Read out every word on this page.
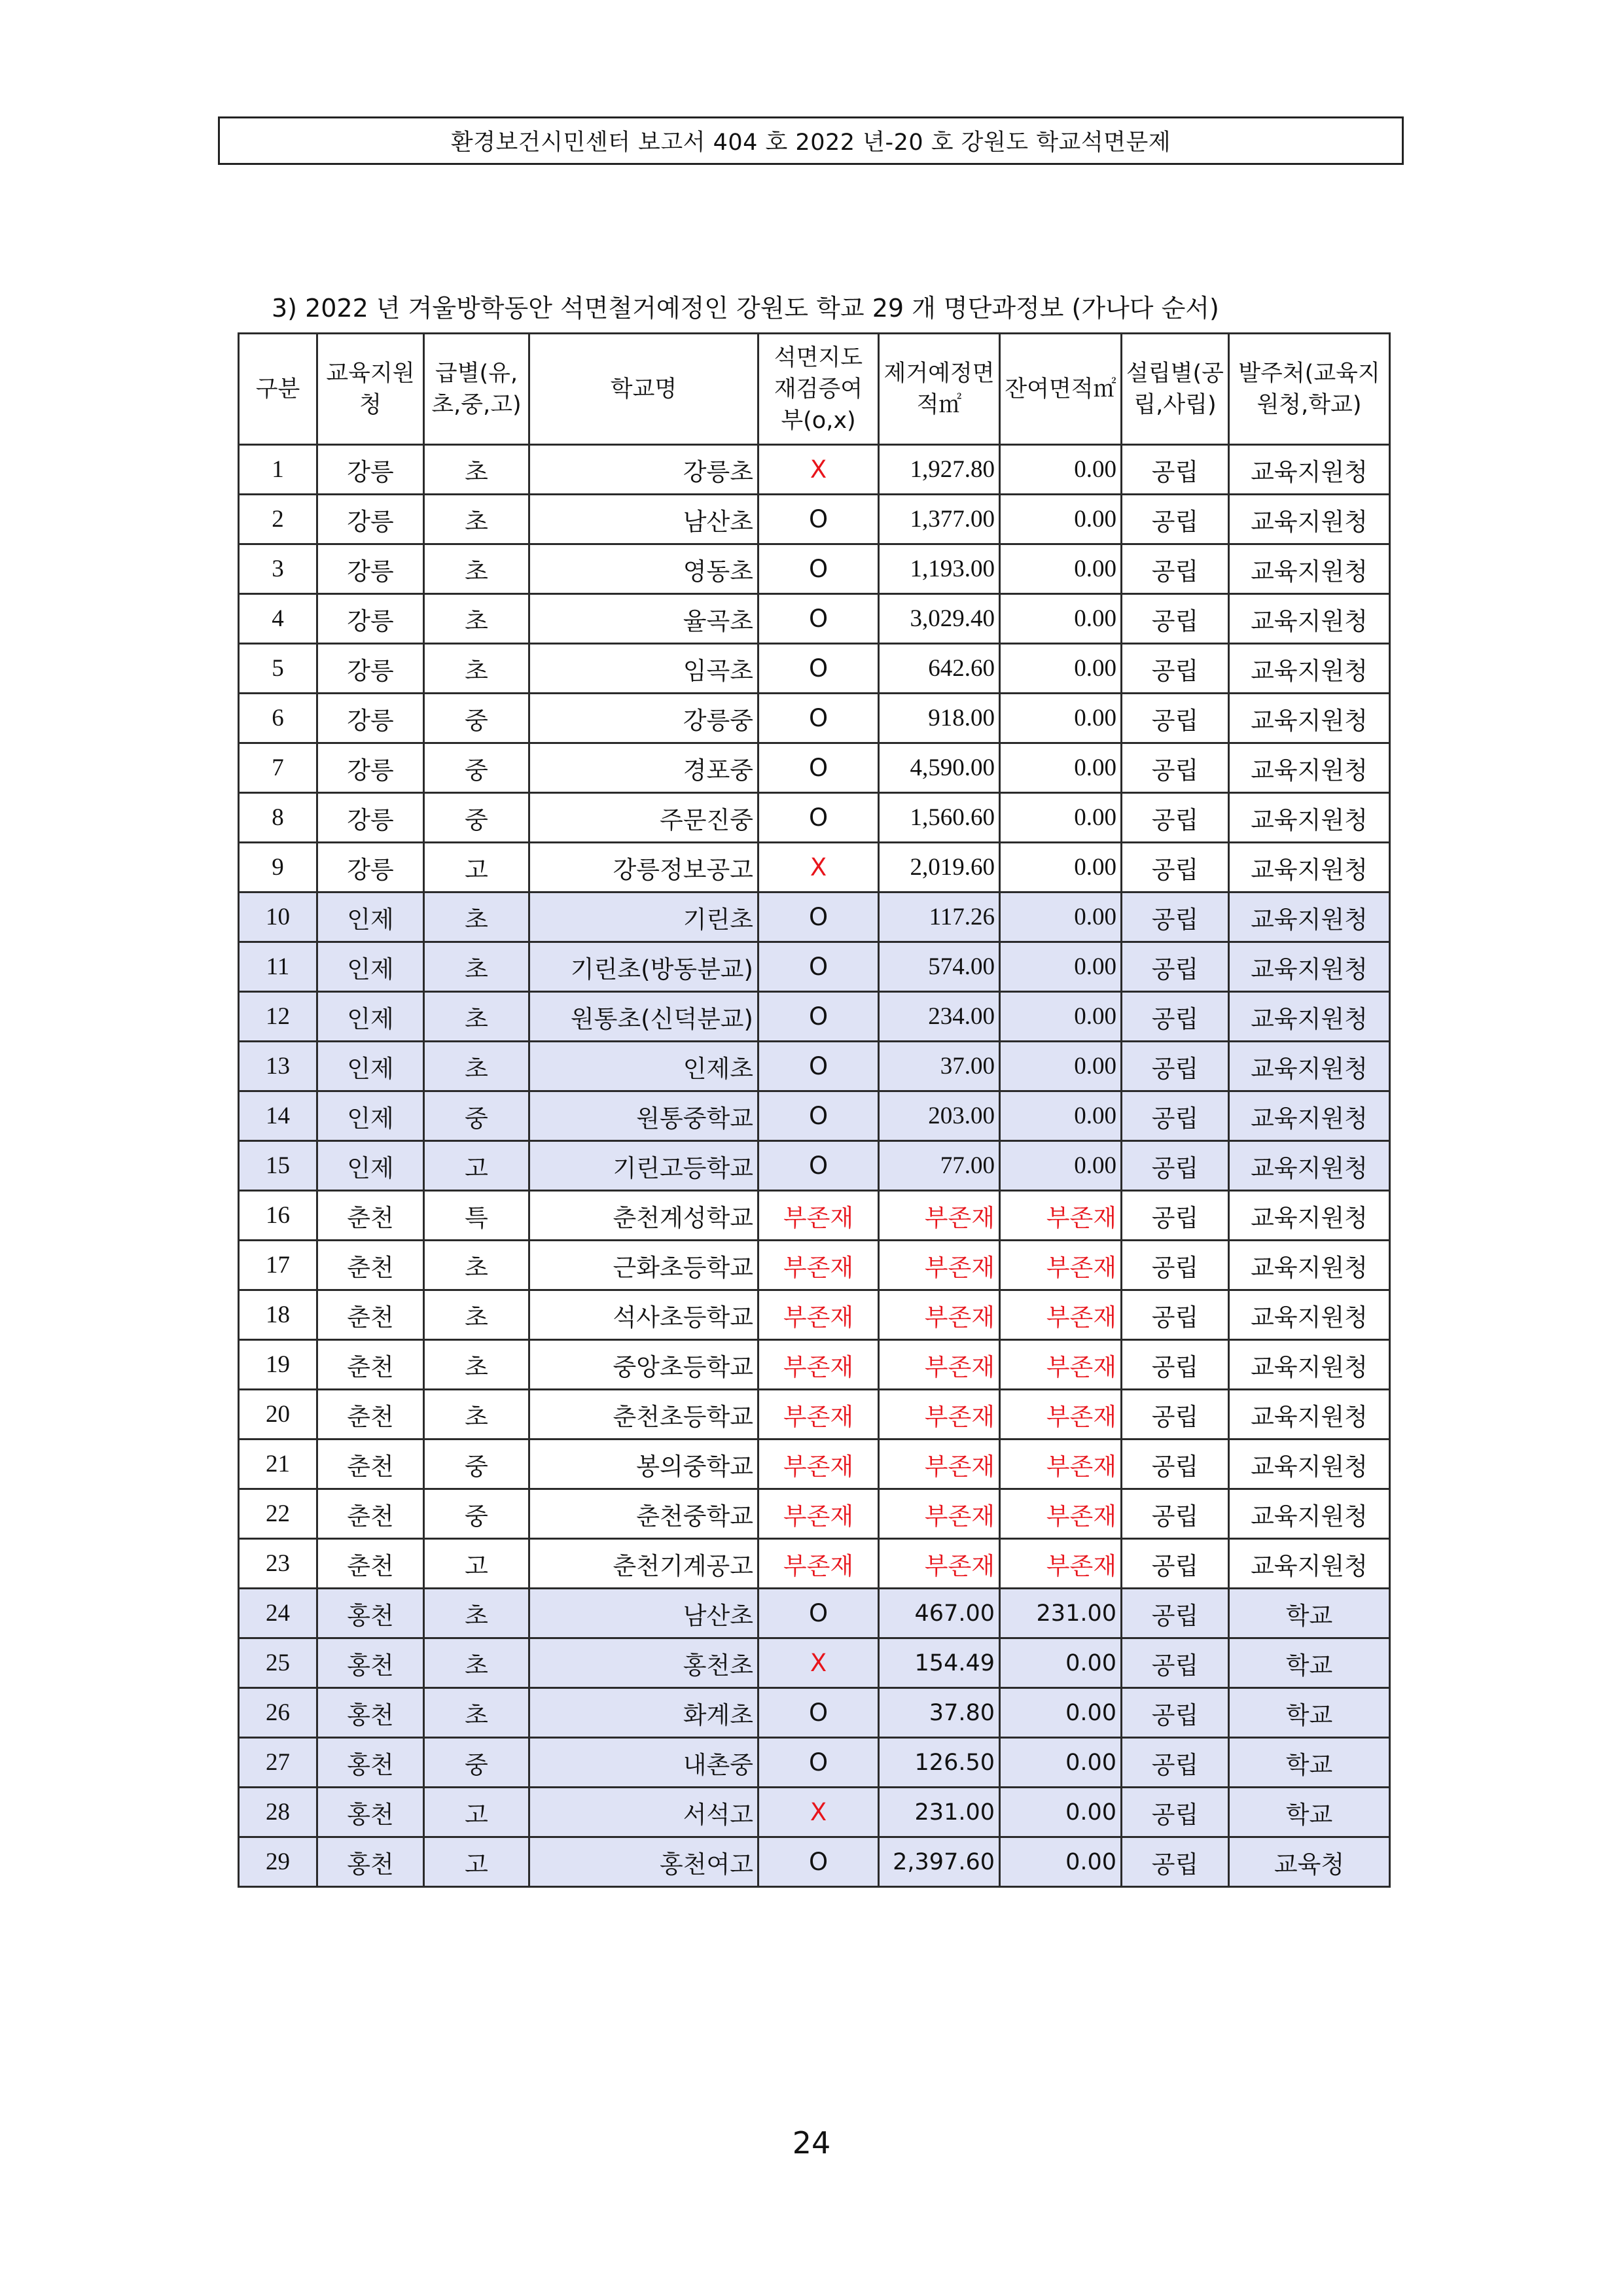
환경보건시민센터 보고서 404 호 2022 년-20 호 강원도 학교석면문제
3) 2022 년 겨울방학동안 석면철거예정인 강원도 학교 29 개 명단과정보 (가나다 순서)
구분	교육지원청	급별(유,초,중,고)	학교명	석면지도재검증여부(o,x)	제거예정면적㎡	잔여면적㎡	설립별(공립,사립)	발주처(교육지원청,학교)
1	강릉	초	강릉초	X	1,927.80	0.00	공립	교육지원청
2	강릉	초	남산초	O	1,377.00	0.00	공립	교육지원청
3	강릉	초	영동초	O	1,193.00	0.00	공립	교육지원청
4	강릉	초	율곡초	O	3,029.40	0.00	공립	교육지원청
5	강릉	초	임곡초	O	642.60	0.00	공립	교육지원청
6	강릉	중	강릉중	O	918.00	0.00	공립	교육지원청
7	강릉	중	경포중	O	4,590.00	0.00	공립	교육지원청
8	강릉	중	주문진중	O	1,560.60	0.00	공립	교육지원청
9	강릉	고	강릉정보공고	X	2,019.60	0.00	공립	교육지원청
10	인제	초	기린초	O	117.26	0.00	공립	교육지원청
11	인제	초	기린초(방동분교)	O	574.00	0.00	공립	교육지원청
12	인제	초	원통초(신덕분교)	O	234.00	0.00	공립	교육지원청
13	인제	초	인제초	O	37.00	0.00	공립	교육지원청
14	인제	중	원통중학교	O	203.00	0.00	공립	교육지원청
15	인제	고	기린고등학교	O	77.00	0.00	공립	교육지원청
16	춘천	특	춘천계성학교	부존재	부존재	부존재	공립	교육지원청
17	춘천	초	근화초등학교	부존재	부존재	부존재	공립	교육지원청
18	춘천	초	석사초등학교	부존재	부존재	부존재	공립	교육지원청
19	춘천	초	중앙초등학교	부존재	부존재	부존재	공립	교육지원청
20	춘천	초	춘천초등학교	부존재	부존재	부존재	공립	교육지원청
21	춘천	중	봉의중학교	부존재	부존재	부존재	공립	교육지원청
22	춘천	중	춘천중학교	부존재	부존재	부존재	공립	교육지원청
23	춘천	고	춘천기계공고	부존재	부존재	부존재	공립	교육지원청
24	홍천	초	남산초	O	467.00	231.00	공립	학교
25	홍천	초	홍천초	X	154.49	0.00	공립	학교
26	홍천	초	화계초	O	37.80	0.00	공립	학교
27	홍천	중	내촌중	O	126.50	0.00	공립	학교
28	홍천	고	서석고	X	231.00	0.00	공립	학교
29	홍천	고	홍천여고	O	2,397.60	0.00	공립	교육청
24
